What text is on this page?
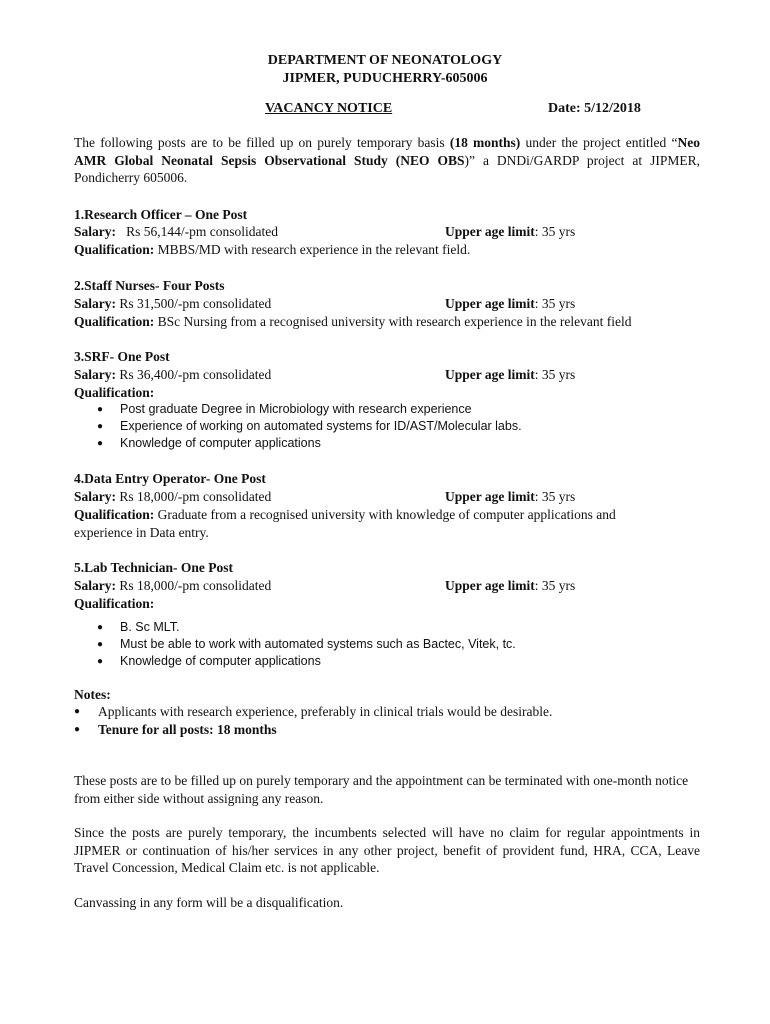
DEPARTMENT OF NEONATOLOGY
JIPMER, PUDUCHERRY-605006
VACANCY NOTICE	Date: 5/12/2018
The following posts are to be filled up on purely temporary basis (18 months) under the project entitled “Neo AMR Global Neonatal Sepsis Observational Study (NEO OBS)” a DNDi/GARDP project at JIPMER, Pondicherry 605006.
1.Research Officer – One Post
Salary: Rs 56,144/-pm consolidated	Upper age limit: 35 yrs
Qualification: MBBS/MD with research experience in the relevant field.
2.Staff Nurses- Four Posts
Salary: Rs 31,500/-pm consolidated	Upper age limit: 35 yrs
Qualification: BSc Nursing from a recognised university with research experience in the relevant field
3.SRF- One Post
Salary: Rs 36,400/-pm consolidated	Upper age limit: 35 yrs
Qualification:
● Post graduate Degree in Microbiology with research experience
● Experience of working on automated systems for ID/AST/Molecular labs.
● Knowledge of computer applications
4.Data Entry Operator- One Post
Salary: Rs 18,000/-pm consolidated	Upper age limit: 35 yrs
Qualification: Graduate from a recognised university with knowledge of computer applications and experience in Data entry.
5.Lab Technician- One Post
Salary: Rs 18,000/-pm consolidated	Upper age limit: 35 yrs
Qualification:
● B. Sc MLT.
● Must be able to work with automated systems such as Bactec, Vitek, tc.
● Knowledge of computer applications
Notes:
● Applicants with research experience, preferably in clinical trials would be desirable.
● Tenure for all posts: 18 months
These posts are to be filled up on purely temporary and the appointment can be terminated with one-month notice from either side without assigning any reason.
Since the posts are purely temporary, the incumbents selected will have no claim for regular appointments in JIPMER or continuation of his/her services in any other project, benefit of provident fund, HRA, CCA, Leave Travel Concession, Medical Claim etc. is not applicable.
Canvassing in any form will be a disqualification.
